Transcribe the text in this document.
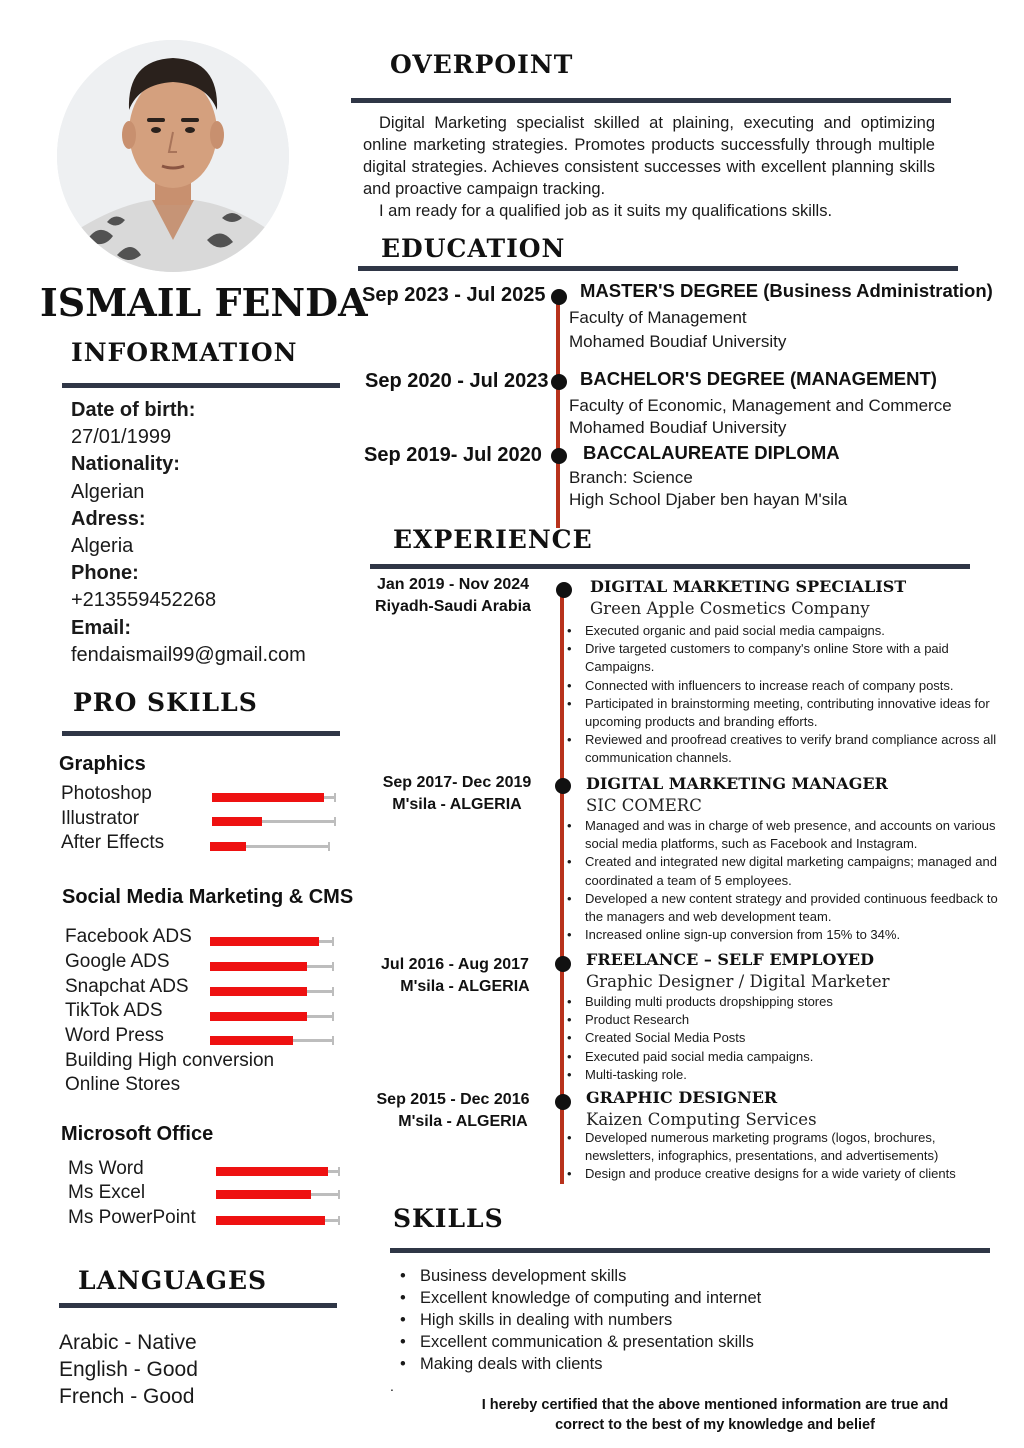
ISMAIL FENDA
INFORMATION
Date of birth:
27/01/1999
Nationality:
Algerian
Adress:
Algeria
Phone:
+213559452268
Email:
fendaismail99@gmail.com
PRO SKILLS
Graphics
Photoshop
Illustrator
After Effects
Social Media Marketing & CMS
Facebook ADS
Google ADS
Snapchat ADS
TikTok ADS
Word Press
Building High conversion
Online Stores
Microsoft Office
Ms Word
Ms Excel
Ms PowerPoint
LANGUAGES
Arabic - Native
English - Good
French - Good
OVERPOINT

Digital Marketing specialist skilled at plaining, executing and optimizing online marketing strategies. Promotes products successfully through multiple digital strategies. Achieves consistent successes with excellent planning skills and proactive campaign tracking.

I am ready for a qualified job as it suits my qualifications skills.

EDUCATION
Sep 2023 - Jul 2025 MASTER'S DEGREE (Business Administration)
Faculty of Management
Mohamed Boudiaf University
Sep 2020 - Jul 2023 BACHELOR'S DEGREE (MANAGEMENT)
Faculty of Economic, Management and Commerce
Mohamed Boudiaf University
Sep 2019- Jul 2020 BACCALAUREATE DIPLOMA
Branch: Science
High School Djaber ben hayan M'sila
EXPERIENCE
Jan 2019 - Nov 2024
Riyadh-Saudi Arabia
DIGITAL MARKETING SPECIALIST
Green Apple Cosmetics Company
• Executed organic and paid social media campaigns.
• Drive targeted customers to company's online Store with a paid Campaigns.
• Connected with influencers to increase reach of company posts.
• Participated in brainstorming meeting, contributing innovative ideas for upcoming products and branding efforts.
• Reviewed and proofread creatives to verify brand compliance across all communication channels.
Sep 2017- Dec 2019
M'sila - ALGERIA
DIGITAL MARKETING MANAGER
SIC COMERC
• Managed and was in charge of web presence, and accounts on various social media platforms, such as Facebook and Instagram.
• Created and integrated new digital marketing campaigns; managed and coordinated a team of 5 employees.
• Developed a new content strategy and provided continuous feedback to the managers and web development team.
• Increased online sign-up conversion from 15% to 34%.
Jul 2016 - Aug 2017
M'sila - ALGERIA
FREELANCE – SELF EMPLOYED
Graphic Designer / Digital Marketer
• Building multi products dropshipping stores
• Product Research
• Created Social Media Posts
• Executed paid social media campaigns.
• Multi-tasking role.
Sep 2015 - Dec 2016
M'sila - ALGERIA
GRAPHIC DESIGNER
Kaizen Computing Services
• Developed numerous marketing programs (logos, brochures, newsletters, infographics, presentations, and advertisements)
• Design and produce creative designs for a wide variety of clients
SKILLS
• Business development skills
• Excellent knowledge of computing and internet
• High skills in dealing with numbers
• Excellent communication & presentation skills
• Making deals with clients
.
I hereby certified that the above mentioned information are true and correct to the best of my knowledge and belief
